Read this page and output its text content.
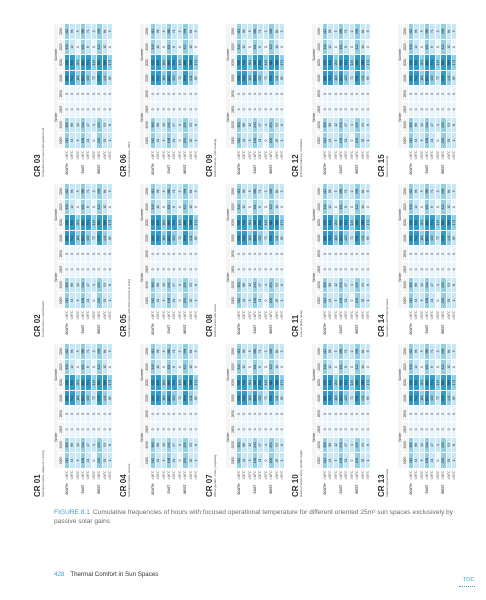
CR 01 Semiopen space, adjacent to living
		Winter				Summer			
		2005	2050	2005	2050	2005	2050	2005	2050
SOUTH	>18°C	312	365	0	0	881	920	340	412
	>26°C	44	88	0	0	512	640	12	96
	>35°C	3	12	0	0	118	204	0	5
EAST	>18°C	196	241	0	0	812	866	301	380
	>26°C	21	47	0	0	403	531	8	71
	>35°C	0	4	0	0	72	149	0	2
WEST	>18°C	205	259	0	0	834	880	322	398
	>26°C	25	53	0	0	441	568	10	84
	>35°C	1	6	0	0	89	171	0	3
CR 02 Conservatory / semiheated
		Winter				Summer			
		2005	2050	2005	2050	2005	2050	2005	2050
SOUTH	>18°C	312	365	0	0	881	920	340	412
	>26°C	44	88	0	0	512	640	12	96
	>35°C	3	12	0	0	118	204	0	5
EAST	>18°C	196	241	0	0	812	866	301	380
	>26°C	21	47	0	0	403	531	8	71
	>35°C	0	4	0	0	72	149	0	2
WEST	>18°C	205	259	0	0	834	880	322	398
	>26°C	25	53	0	0	441	568	10	84
	>35°C	1	6	0	0	89	171	0	3
CR 03 Unheated sun space with glazed roof
		Winter				Summer			
		2005	2050	2005	2050	2005	2050	2005	2050
SOUTH	>18°C	312	365	0	0	881	920	340	412
	>26°C	44	88	0	0	512	640	12	96
	>35°C	3	12	0	0	118	204	0	5
EAST	>18°C	196	241	0	0	812	866	301	380
	>26°C	21	47	0	0	403	531	8	71
	>35°C	0	4	0	0	72	149	0	2
WEST	>18°C	205	259	0	0	834	880	322	398
	>26°C	25	53	0	0	441	568	10	84
	>35°C	1	6	0	0	89	171	0	3
CR 04 Semiopen space, access
		Winter				Summer			
		2005	2050	2005	2050	2005	2050	2005	2050
SOUTH	>18°C	312	365	0	0	881	920	340	412
	>26°C	44	88	0	0	512	640	12	96
	>35°C	3	12	0	0	118	204	0	5
EAST	>18°C	196	241	0	0	812	866	301	380
	>26°C	21	47	0	0	403	531	8	71
	>35°C	0	4	0	0	72	149	0	2
WEST	>18°C	205	259	0	0	834	880	322	398
	>26°C	25	53	0	0	441	568	10	84
	>35°C	1	6	0	0	89	171	0	3
CR 05 Semiopen space with direct access to living
		Winter				Summer			
		2005	2050	2005	2050	2005	2050	2005	2050
SOUTH	>18°C	312	365	0	0	881	920	340	412
	>26°C	44	88	0	0	512	640	12	96
	>35°C	3	12	0	0	118	204	0	5
EAST	>18°C	196	241	0	0	812	866	301	380
	>26°C	21	47	0	0	403	531	8	71
	>35°C	0	4	0	0	72	149	0	2
WEST	>18°C	205	259	0	0	834	880	322	398
	>26°C	25	53	0	0	441	568	10	84
	>35°C	1	6	0	0	89	171	0	3
CR 06 Unheated sunspace, office
		Winter				Summer			
		2005	2050	2005	2050	2005	2050	2005	2050
SOUTH	>18°C	312	365	0	0	881	920	340	412
	>26°C	44	88	0	0	512	640	12	96
	>35°C	3	12	0	0	118	204	0	5
EAST	>18°C	196	241	0	0	812	866	301	380
	>26°C	21	47	0	0	403	531	8	71
	>35°C	0	4	0	0	72	149	0	2
WEST	>18°C	205	259	0	0	834	880	322	398
	>26°C	25	53	0	0	441	568	10	84
	>35°C	1	6	0	0	89	171	0	3
CR 07 Winter garden, mass, projecting
		Winter				Summer			
		2005	2050	2005	2050	2005	2050	2005	2050
SOUTH	>18°C	312	365	0	0	881	920	340	412
	>26°C	44	88	0	0	512	640	12	96
	>35°C	3	12	0	0	118	204	0	5
EAST	>18°C	196	241	0	0	812	866	301	380
	>26°C	21	47	0	0	403	531	8	71
	>35°C	0	4	0	0	72	149	0	2
WEST	>18°C	205	259	0	0	834	880	322	398
	>26°C	25	53	0	0	441	568	10	84
	>35°C	1	6	0	0	89	171	0	3
CR 08 Glazed atrium-like space
		Winter				Summer			
		2005	2050	2005	2050	2005	2050	2005	2050
SOUTH	>18°C	312	365	0	0	881	920	340	412
	>26°C	44	88	0	0	512	640	12	96
	>35°C	3	12	0	0	118	204	0	5
EAST	>18°C	196	241	0	0	812	866	301	380
	>26°C	21	47	0	0	403	531	8	71
	>35°C	0	4	0	0	72	149	0	2
WEST	>18°C	205	259	0	0	834	880	322	398
	>26°C	25	53	0	0	441	568	10	84
	>35°C	1	6	0	0	89	171	0	3
CR 09 Glazed balcony with shading
		Winter				Summer			
		2005	2050	2005	2050	2005	2050	2005	2050
SOUTH	>18°C	312	365	0	0	881	920	340	412
	>26°C	44	88	0	0	512	640	12	96
	>35°C	3	12	0	0	118	204	0	5
EAST	>18°C	196	241	0	0	812	866	301	380
	>26°C	21	47	0	0	403	531	8	71
	>35°C	0	4	0	0	72	149	0	2
WEST	>18°C	205	259	0	0	834	880	322	398
	>26°C	25	53	0	0	441	568	10	84
	>35°C	1	6	0	0	89	171	0	3
CR 10 Glazed conservatory, double height
		Winter				Summer			
		2005	2050	2005	2050	2005	2050	2005	2050
SOUTH	>18°C	312	365	0	0	881	920	340	412
	>26°C	44	88	0	0	512	640	12	96
	>35°C	3	12	0	0	118	204	0	5
EAST	>18°C	196	241	0	0	812	866	301	380
	>26°C	21	47	0	0	403	531	8	71
	>35°C	0	4	0	0	72	149	0	2
WEST	>18°C	205	259	0	0	834	880	322	398
	>26°C	25	53	0	0	441	568	10	84
	>35°C	1	6	0	0	89	171	0	3
CR 11 Lean-to glass house
		Winter				Summer			
		2005	2050	2005	2050	2005	2050	2005	2050
SOUTH	>18°C	312	365	0	0	881	920	340	412
	>26°C	44	88	0	0	512	640	12	96
	>35°C	3	12	0	0	118	204	0	5
EAST	>18°C	196	241	0	0	812	866	301	380
	>26°C	21	47	0	0	403	531	8	71
	>35°C	0	4	0	0	72	149	0	2
WEST	>18°C	205	259	0	0	834	880	322	398
	>26°C	25	53	0	0	441	568	10	84
	>35°C	1	6	0	0	89	171	0	3
CR 12 Enclosed balcony, ventilated
		Winter				Summer			
		2005	2050	2005	2050	2005	2050	2005	2050
SOUTH	>18°C	312	365	0	0	881	920	340	412
	>26°C	44	88	0	0	512	640	12	96
	>35°C	3	12	0	0	118	204	0	5
EAST	>18°C	196	241	0	0	812	866	301	380
	>26°C	21	47	0	0	403	531	8	71
	>35°C	0	4	0	0	72	149	0	2
WEST	>18°C	205	259	0	0	834	880	322	398
	>26°C	25	53	0	0	441	568	10	84
	>35°C	1	6	0	0	89	171	0	3
CR 13 Adjacent greenhouse
		Winter				Summer			
		2005	2050	2005	2050	2005	2050	2005	2050
SOUTH	>18°C	312	365	0	0	881	920	340	412
	>26°C	44	88	0	0	512	640	12	96
	>35°C	3	12	0	0	118	204	0	5
EAST	>18°C	196	241	0	0	812	866	301	380
	>26°C	21	47	0	0	403	531	8	71
	>35°C	0	4	0	0	72	149	0	2
WEST	>18°C	205	259	0	0	834	880	322	398
	>26°C	25	53	0	0	441	568	10	84
	>35°C	1	6	0	0	89	171	0	3
CR 14 Sunspace with thermal mass
		Winter				Summer			
		2005	2050	2005	2050	2005	2050	2005	2050
SOUTH	>18°C	312	365	0	0	881	920	340	412
	>26°C	44	88	0	0	512	640	12	96
	>35°C	3	12	0	0	118	204	0	5
EAST	>18°C	196	241	0	0	812	866	301	380
	>26°C	21	47	0	0	403	531	8	71
	>35°C	0	4	0	0	72	149	0	2
WEST	>18°C	205	259	0	0	834	880	322	398
	>26°C	25	53	0	0	441	568	10	84
	>35°C	1	6	0	0	89	171	0	3
CR 15 Glazed veranda
		Winter				Summer			
		2005	2050	2005	2050	2005	2050	2005	2050
SOUTH	>18°C	312	365	0	0	881	920	340	412
	>26°C	44	88	0	0	512	640	12	96
	>35°C	3	12	0	0	118	204	0	5
EAST	>18°C	196	241	0	0	812	866	301	380
	>26°C	21	47	0	0	403	531	8	71
	>35°C	0	4	0	0	72	149	0	2
WEST	>18°C	205	259	0	0	834	880	322	398
	>26°C	25	53	0	0	441	568	10	84
	>35°C	1	6	0	0	89	171	0	3
FIGURE 8.1 Cumulative frequencies of hours with focused operational temperature for different oriented 25m² sun spaces exclusively by passive solar gains
428 Thermal Comfort in Sun Spaces
TOC
